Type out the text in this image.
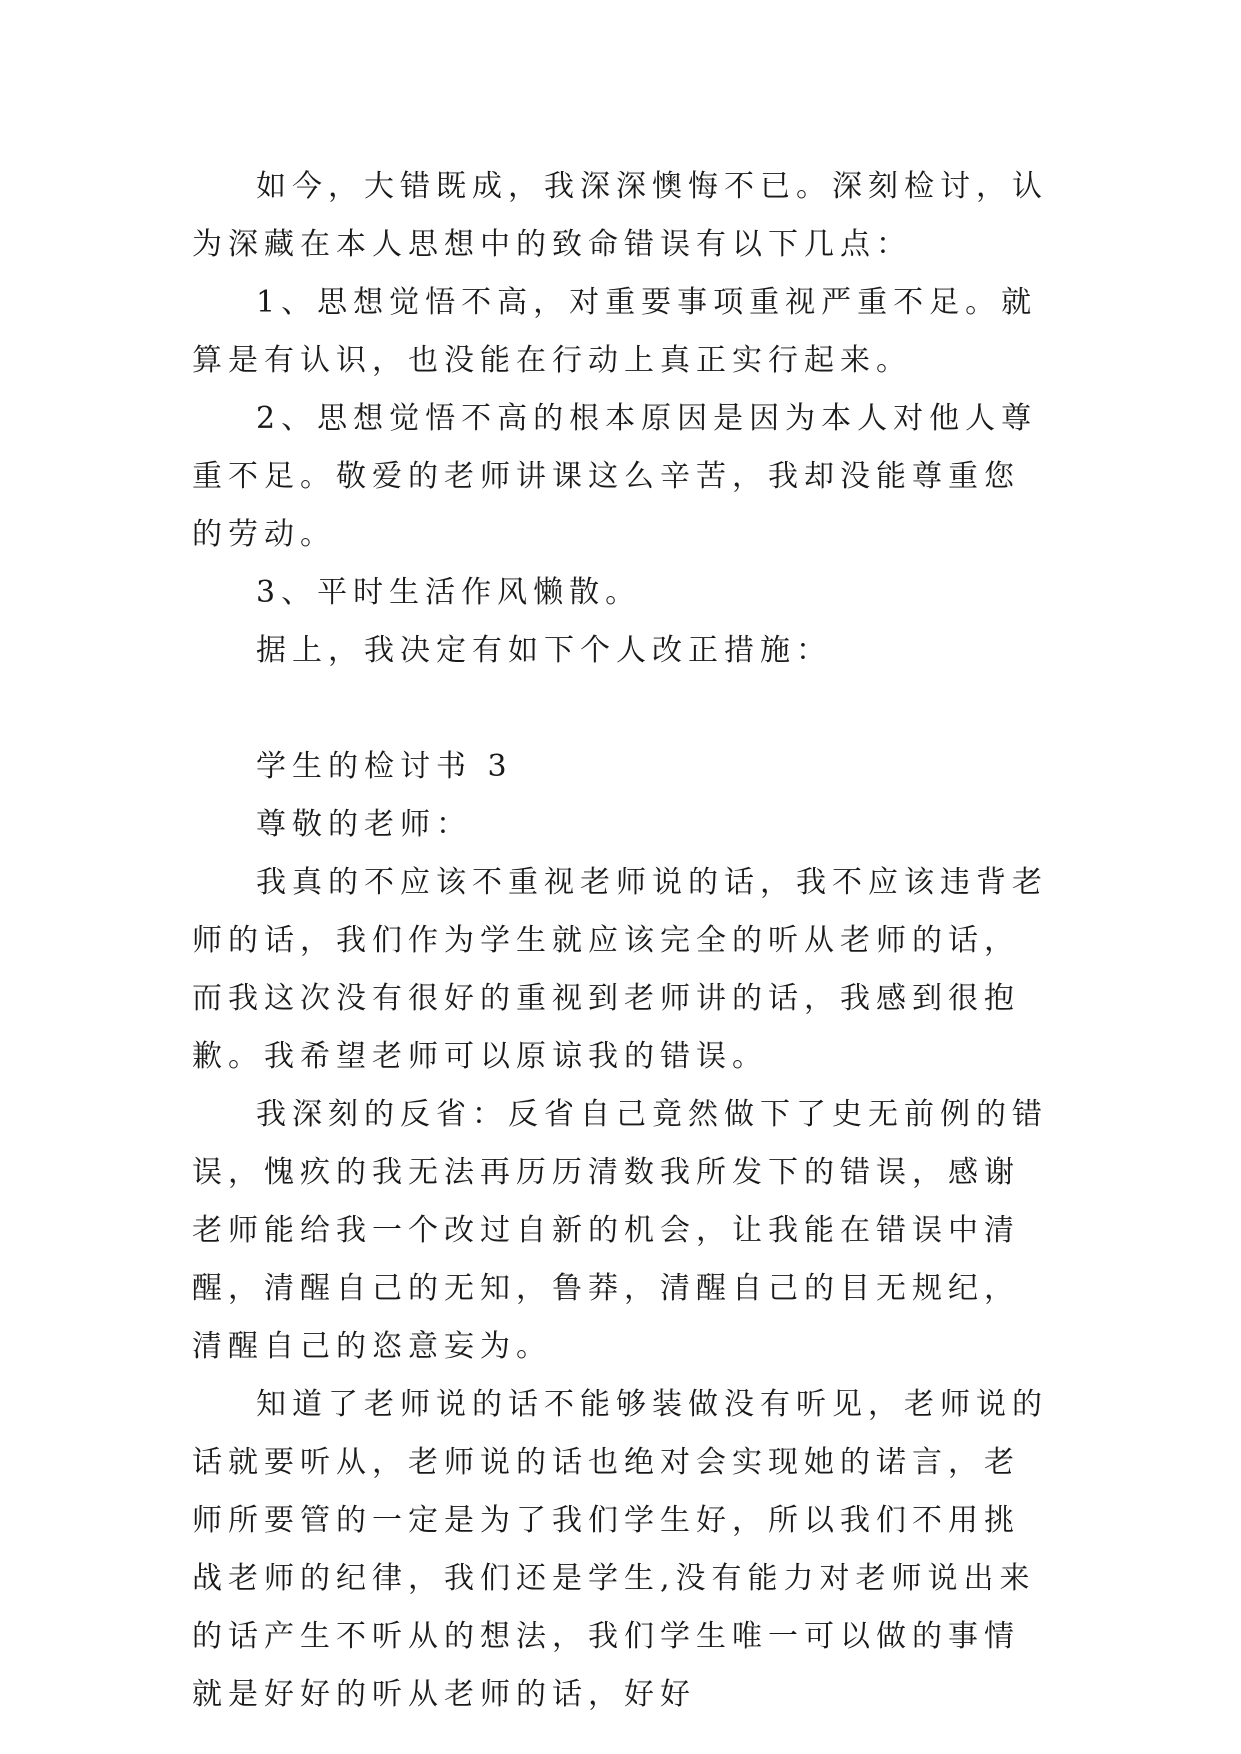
如今，大错既成，我深深懊悔不已。深刻检讨，认为深藏在本人思想中的致命错误有以下几点：

1、思想觉悟不高，对重要事项重视严重不足。就算是有认识，也没能在行动上真正实行起来。

2、思想觉悟不高的根本原因是因为本人对他人尊重不足。敬爱的老师讲课这么辛苦，我却没能尊重您的劳动。

3、平时生活作风懒散。

据上，我决定有如下个人改正措施：

学生的检讨书 3

尊敬的老师：

我真的不应该不重视老师说的话，我不应该违背老师的话，我们作为学生就应该完全的听从老师的话，而我这次没有很好的重视到老师讲的话，我感到很抱歉。我希望老师可以原谅我的错误。

我深刻的反省：反省自己竟然做下了史无前例的错误，愧疚的我无法再历历清数我所发下的错误，感谢老师能给我一个改过自新的机会，让我能在错误中清醒，清醒自己的无知，鲁莽，清醒自己的目无规纪，清醒自己的恣意妄为。

知道了老师说的话不能够装做没有听见，老师说的话就要听从，老师说的话也绝对会实现她的诺言，老师所要管的一定是为了我们学生好，所以我们不用挑战老师的纪律，我们还是学生,没有能力对老师说出来的话产生不听从的想法，我们学生唯一可以做的事情就是好好的听从老师的话，好好
